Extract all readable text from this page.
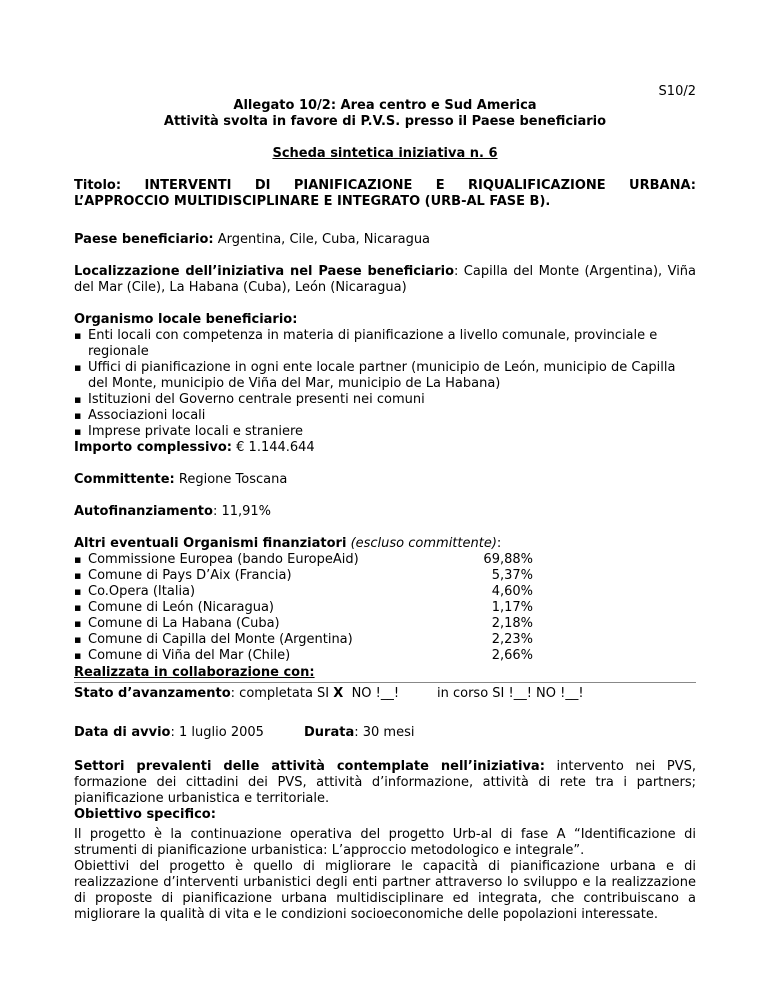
S10/2
Allegato 10/2: Area centro e Sud America
Attività svolta in favore di P.V.S. presso il Paese beneficiario
Scheda sintetica iniziativa n. 6
Titolo: INTERVENTI DI PIANIFICAZIONE E RIQUALIFICAZIONE URBANA:
L’APPROCCIO MULTIDISCIPLINARE E INTEGRATO (URB-AL FASE B).
Paese beneficiario: Argentina, Cile, Cuba, Nicaragua
Localizzazione dell’iniziativa nel Paese beneficiario: Capilla del Monte (Argentina), Viña del Mar (Cile), La Habana (Cuba), León (Nicaragua)
Organismo locale beneficiario:
▪ Enti locali con competenza in materia di pianificazione a livello comunale, provinciale e regionale
▪ Uffici di pianificazione in ogni ente locale partner (municipio de León, municipio de Capilla del Monte, municipio de Viña del Mar, municipio de La Habana)
▪ Istituzioni del Governo centrale presenti nei comuni
▪ Associazioni locali
▪ Imprese private locali e straniere
Importo complessivo: € 1.144.644
Committente: Regione Toscana
Autofinanziamento: 11,91%
Altri eventuali Organismi finanziatori (escluso committente):
▪ Commissione Europea (bando EuropeAid)	69,88%
▪ Comune di Pays D’Aix (Francia)	5,37%
▪ Co.Opera (Italia)	4,60%
▪ Comune di León (Nicaragua)	1,17%
▪ Comune di La Habana (Cuba)	2,18%
▪ Comune di Capilla del Monte (Argentina)	2,23%
▪ Comune di Viña del Mar (Chile)	2,66%
Realizzata in collaborazione con:
Stato d’avanzamento: completata SI X NO !__!	in corso SI !__! NO !__!
Data di avvio: 1 luglio 2005	Durata: 30 mesi
Settori prevalenti delle attività contemplate nell’iniziativa: intervento nei PVS, formazione dei cittadini dei PVS, attività d’informazione, attività di rete tra i partners; pianificazione urbanistica e territoriale.
Obiettivo specifico:
Il progetto è la continuazione operativa del progetto Urb-al di fase A “Identificazione di strumenti di pianificazione urbanistica: L’approccio metodologico e integrale”.
Obiettivi del progetto è quello di migliorare le capacità di pianificazione urbana e di realizzazione d’interventi urbanistici degli enti partner attraverso lo sviluppo e la realizzazione di proposte di pianificazione urbana multidisciplinare ed integrata, che contribuiscano a migliorare la qualità di vita e le condizioni socioeconomiche delle popolazioni interessate.
